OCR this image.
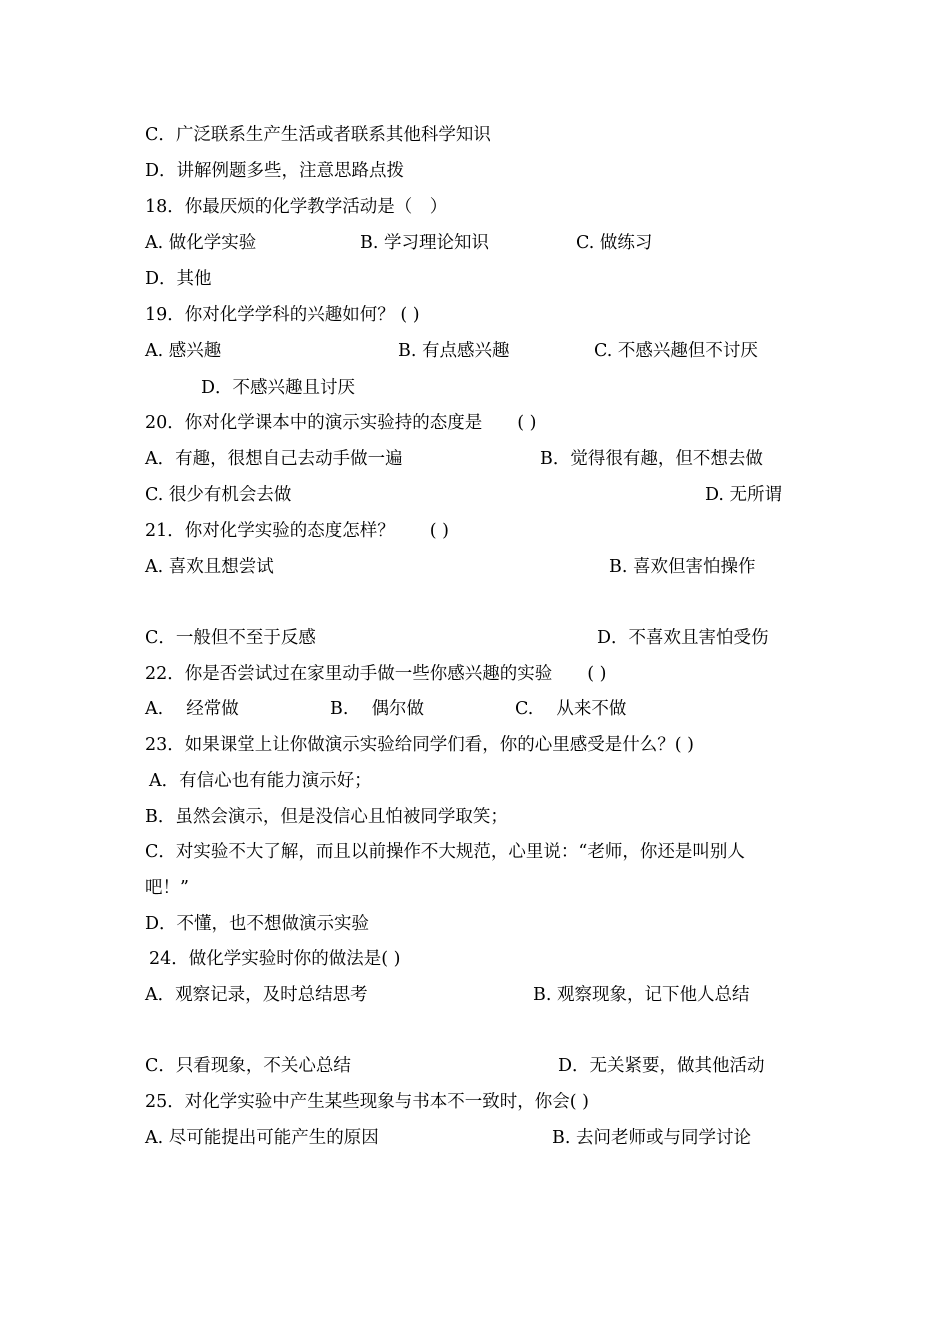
C．广泛联系生产生活或者联系其他科学知识
D．讲解例题多些，注意思路点拨
18．你最厌烦的化学教学活动是（　）
A. 做化学实验	B. 学习理论知识	C. 做练习
D．其他
19．你对化学学科的兴趣如何？ ( )
A. 感兴趣	B. 有点感兴趣	C. 不感兴趣但不讨厌
D．不感兴趣且讨厌
20．你对化学课本中的演示实验持的态度是　　( )
A．有趣，很想自己去动手做一遍	B．觉得很有趣，但不想去做
C. 很少有机会去做	D. 无所谓
21．你对化学实验的态度怎样？　　( )
A. 喜欢且想尝试	B. 喜欢但害怕操作
C．一般但不至于反感	D．不喜欢且害怕受伤
22．你是否尝试过在家里动手做一些你感兴趣的实验　　( )
A.　 经常做	B.　 偶尔做	C.　 从来不做
23．如果课堂上让你做演示实验给同学们看，你的心里感受是什么？( )
A．有信心也有能力演示好；
B．虽然会演示，但是没信心且怕被同学取笑；
C．对实验不大了解，而且以前操作不大规范，心里说：“老师，你还是叫别人
吧！”
D．不懂，也不想做演示实验
24．做化学实验时你的做法是( )
A．观察记录，及时总结思考	B. 观察现象，记下他人总结
C．只看现象，不关心总结	D．无关紧要，做其他活动
25．对化学实验中产生某些现象与书本不一致时，你会( )
A. 尽可能提出可能产生的原因	B. 去问老师或与同学讨论
